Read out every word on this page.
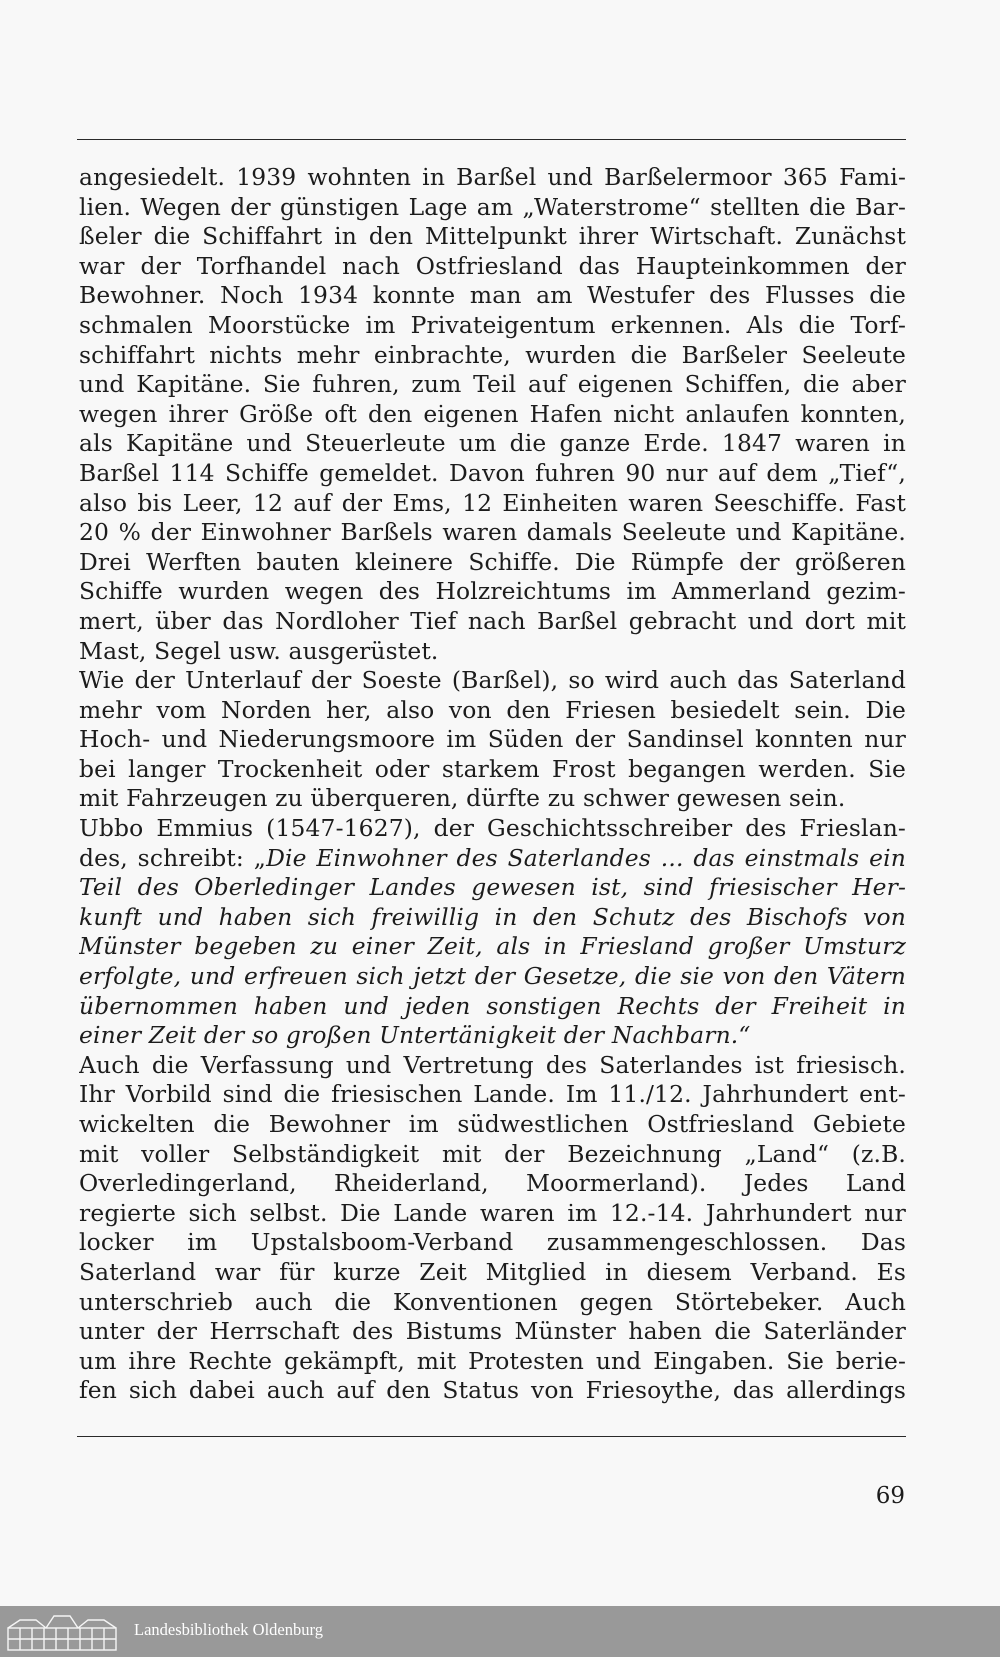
angesiedelt. 1939 wohnten in Barßel und Barßelermoor 365 Fami-
lien. Wegen der günstigen Lage am „Waterstrome“ stellten die Bar-
ßeler die Schiffahrt in den Mittelpunkt ihrer Wirtschaft. Zunächst
war der Torfhandel nach Ostfriesland das Haupteinkommen der
Bewohner. Noch 1934 konnte man am Westufer des Flusses die
schmalen Moorstücke im Privateigentum erkennen. Als die Torf-
schiffahrt nichts mehr einbrachte, wurden die Barßeler Seeleute
und Kapitäne. Sie fuhren, zum Teil auf eigenen Schiffen, die aber
wegen ihrer Größe oft den eigenen Hafen nicht anlaufen konnten,
als Kapitäne und Steuerleute um die ganze Erde. 1847 waren in
Barßel 114 Schiffe gemeldet. Davon fuhren 90 nur auf dem „Tief“,
also bis Leer, 12 auf der Ems, 12 Einheiten waren Seeschiffe. Fast
20 % der Einwohner Barßels waren damals Seeleute und Kapitäne.
Drei Werften bauten kleinere Schiffe. Die Rümpfe der größeren
Schiffe wurden wegen des Holzreichtums im Ammerland gezim-
mert, über das Nordloher Tief nach Barßel gebracht und dort mit
Mast, Segel usw. ausgerüstet.
Wie der Unterlauf der Soeste (Barßel), so wird auch das Saterland
mehr vom Norden her, also von den Friesen besiedelt sein. Die
Hoch- und Niederungsmoore im Süden der Sandinsel konnten nur
bei langer Trockenheit oder starkem Frost begangen werden. Sie
mit Fahrzeugen zu überqueren, dürfte zu schwer gewesen sein.
Ubbo Emmius (1547-1627), der Geschichtsschreiber des Frieslan-
des, schreibt: „Die Einwohner des Saterlandes ... das einstmals ein
Teil des Oberledinger Landes gewesen ist, sind friesischer Her-
kunft und haben sich freiwillig in den Schutz des Bischofs von
Münster begeben zu einer Zeit, als in Friesland großer Umsturz
erfolgte, und erfreuen sich jetzt der Gesetze, die sie von den Vätern
übernommen haben und jeden sonstigen Rechts der Freiheit in
einer Zeit der so großen Untertänigkeit der Nachbarn.“
Auch die Verfassung und Vertretung des Saterlandes ist friesisch.
Ihr Vorbild sind die friesischen Lande. Im 11./12. Jahrhundert ent-
wickelten die Bewohner im südwestlichen Ostfriesland Gebiete
mit voller Selbständigkeit mit der Bezeichnung „Land“ (z.B.
Overledingerland, Rheiderland, Moormerland). Jedes Land
regierte sich selbst. Die Lande waren im 12.-14. Jahrhundert nur
locker im Upstalsboom-Verband zusammengeschlossen. Das
Saterland war für kurze Zeit Mitglied in diesem Verband. Es
unterschrieb auch die Konventionen gegen Störtebeker. Auch
unter der Herrschaft des Bistums Münster haben die Saterländer
um ihre Rechte gekämpft, mit Protesten und Eingaben. Sie berie-
fen sich dabei auch auf den Status von Friesoythe, das allerdings
69
Landesbibliothek Oldenburg
